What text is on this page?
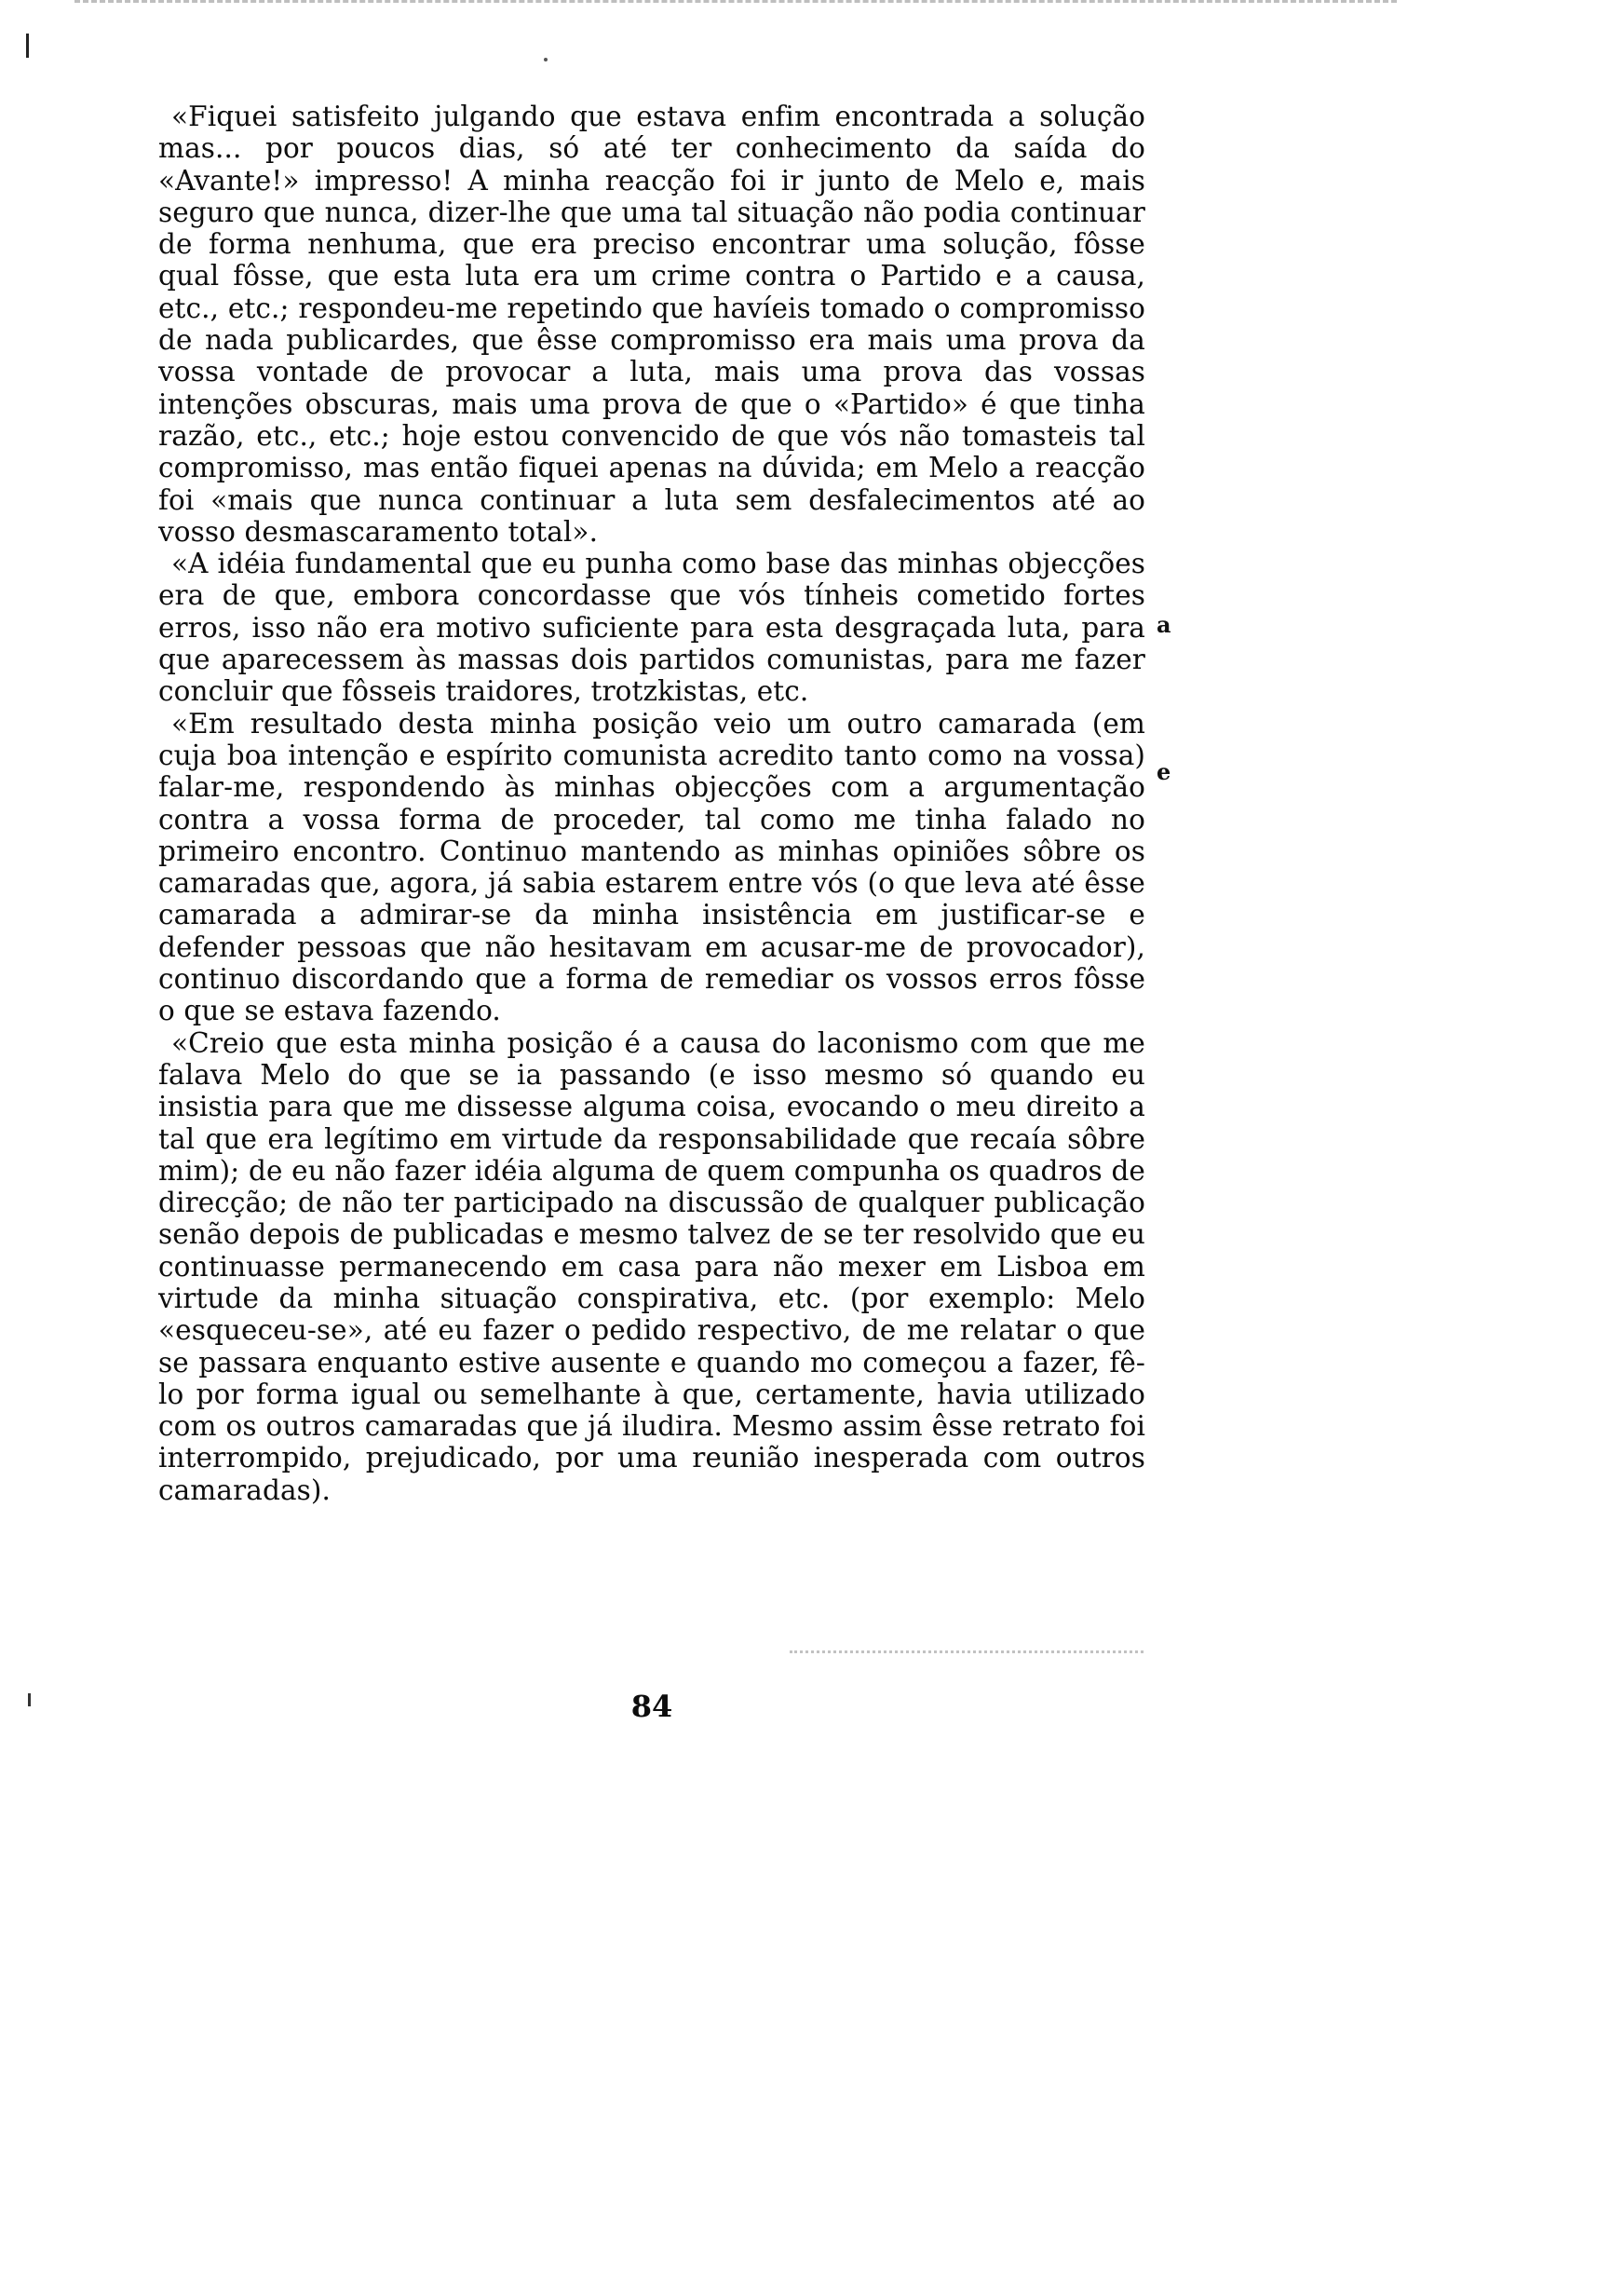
«Fiquei satisfeito julgando que estava enfim encontrada a solução mas... por poucos dias, só até ter conhecimento da saída do «Avante!» impresso! A minha reacção foi ir junto de Melo e, mais seguro que nunca, dizer-lhe que uma tal situação não podia continuar de forma nenhuma, que era preciso encontrar uma solução, fôsse qual fôsse, que esta luta era um crime contra o Partido e a causa, etc., etc.; respondeu-me repetindo que havíeis tomado o compromisso de nada publicardes, que êsse compromisso era mais uma prova da vossa vontade de provocar a luta, mais uma prova das vossas intenções obscuras, mais uma prova de que o «Partido» é que tinha razão, etc., etc.; hoje estou convencido de que vós não tomasteis tal compromisso, mas então fiquei apenas na dúvida; em Melo a reacção foi «mais que nunca continuar a luta sem desfalecimentos até ao vosso desmascaramento total».

«A idéia fundamental que eu punha como base das minhas objecções era de que, embora concordasse que vós tínheis cometido fortes erros, isso não era motivo suficiente para esta desgraçada luta, para que aparecessem às massas dois partidos comunistas, para me fazer concluir que fôsseis traidores, trotzkistas, etc.

«Em resultado desta minha posição veio um outro camarada (em cuja boa intenção e espírito comunista acredito tanto como na vossa) falar-me, respondendo às minhas objecções com a argumentação contra a vossa forma de proceder, tal como me tinha falado no primeiro encontro. Continuo mantendo as minhas opiniões sôbre os camaradas que, agora, já sabia estarem entre vós (o que leva até êsse camarada a admirar-se da minha insistência em justificar-se e defender pessoas que não hesitavam em acusar-me de provocador), continuo discordando que a forma de remediar os vossos erros fôsse o que se estava fazendo.

«Creio que esta minha posição é a causa do laconismo com que me falava Melo do que se ia passando (e isso mesmo só quando eu insistia para que me dissesse alguma coisa, evocando o meu direito a tal que era legítimo em virtude da responsabilidade que recaía sôbre mim); de eu não fazer idéia alguma de quem compunha os quadros de direcção; de não ter participado na discussão de qualquer publicação senão depois de publicadas e mesmo talvez de se ter resolvido que eu continuasse permanecendo em casa para não mexer em Lisboa em virtude da minha situação conspirativa, etc. (por exemplo: Melo «esqueceu-se», até eu fazer o pedido respectivo, de me relatar o que se passara enquanto estive ausente e quando mo começou a fazer, fê-lo por forma igual ou semelhante à que, certamente, havia utilizado com os outros camaradas que já iludira. Mesmo assim êsse retrato foi interrompido, prejudicado, por uma reunião inesperada com outros camaradas).

a
e
84
